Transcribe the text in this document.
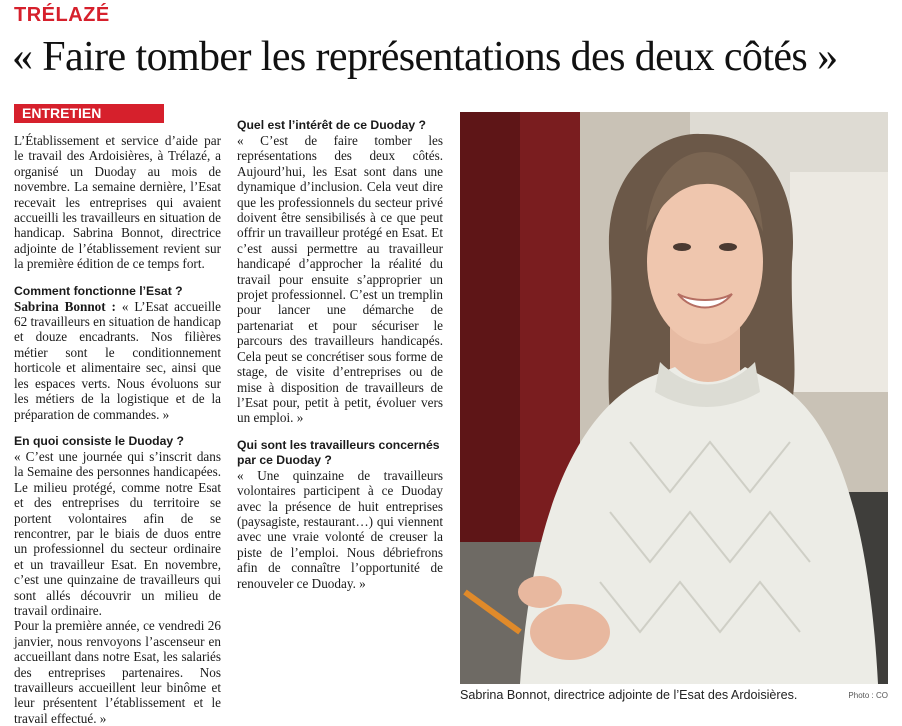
TRÉLAZÉ
« Faire tomber les représentations des deux côtés »
ENTRETIEN

L’Établissement et service d’aide par le travail des Ardoisières, à Trélazé, a organisé un Duoday au mois de novembre. La semaine dernière, l’Esat recevait les entreprises qui avaient accueilli les travailleurs en situation de handicap. Sabrina Bonnot, directrice adjointe de l’établissement revient sur la première édition de ce temps fort.

Comment fonctionne l’Esat ?

Sabrina Bonnot : « L’Esat accueille 62 travailleurs en situation de handicap et douze encadrants. Nos filières métier sont le conditionnement horticole et alimentaire sec, ainsi que les espaces verts. Nous évoluons sur les métiers de la logistique et de la préparation de commandes. »

En quoi consiste le Duoday ?

« C’est une journée qui s’inscrit dans la Semaine des personnes handicapées. Le milieu protégé, comme notre Esat et des entreprises du territoire se portent volontaires afin de se rencontrer, par le biais de duos entre un professionnel du secteur ordinaire et un travailleur Esat. En novembre, c’est une quinzaine de travailleurs qui sont allés découvrir un milieu de travail ordinaire.

Pour la première année, ce vendredi 26 janvier, nous renvoyons l’ascenseur en accueillant dans notre Esat, les salariés des entreprises partenaires. Nos travailleurs accueillent leur binôme et leur présentent l’établissement et le travail effectué. »

Quel est l’intérêt de ce Duoday ?

« C’est de faire tomber les représentations des deux côtés. Aujourd’hui, les Esat sont dans une dynamique d’inclusion. Cela veut dire que les professionnels du secteur privé doivent être sensibilisés à ce que peut offrir un travailleur protégé en Esat. Et c’est aussi permettre au travailleur handicapé d’approcher la réalité du travail pour ensuite s’approprier un projet professionnel. C’est un tremplin pour lancer une démarche de partenariat et pour sécuriser le parcours des travailleurs handicapés. Cela peut se concrétiser sous forme de stage, de visite d’entreprises ou de mise à disposition de travailleurs de l’Esat pour, petit à petit, évoluer vers un emploi. »

Qui sont les travailleurs concernés par ce Duoday ?

« Une quinzaine de travailleurs volontaires participent à ce Duoday avec la présence de huit entreprises (paysagiste, restaurant…) qui viennent avec une vraie volonté de creuser la piste de l’emploi. Nous débriefrons afin de connaître l’opportunité de renouveler ce Duoday. »

Sabrina Bonnot, directrice adjointe de l’Esat des Ardoisières.	Photo : CO
